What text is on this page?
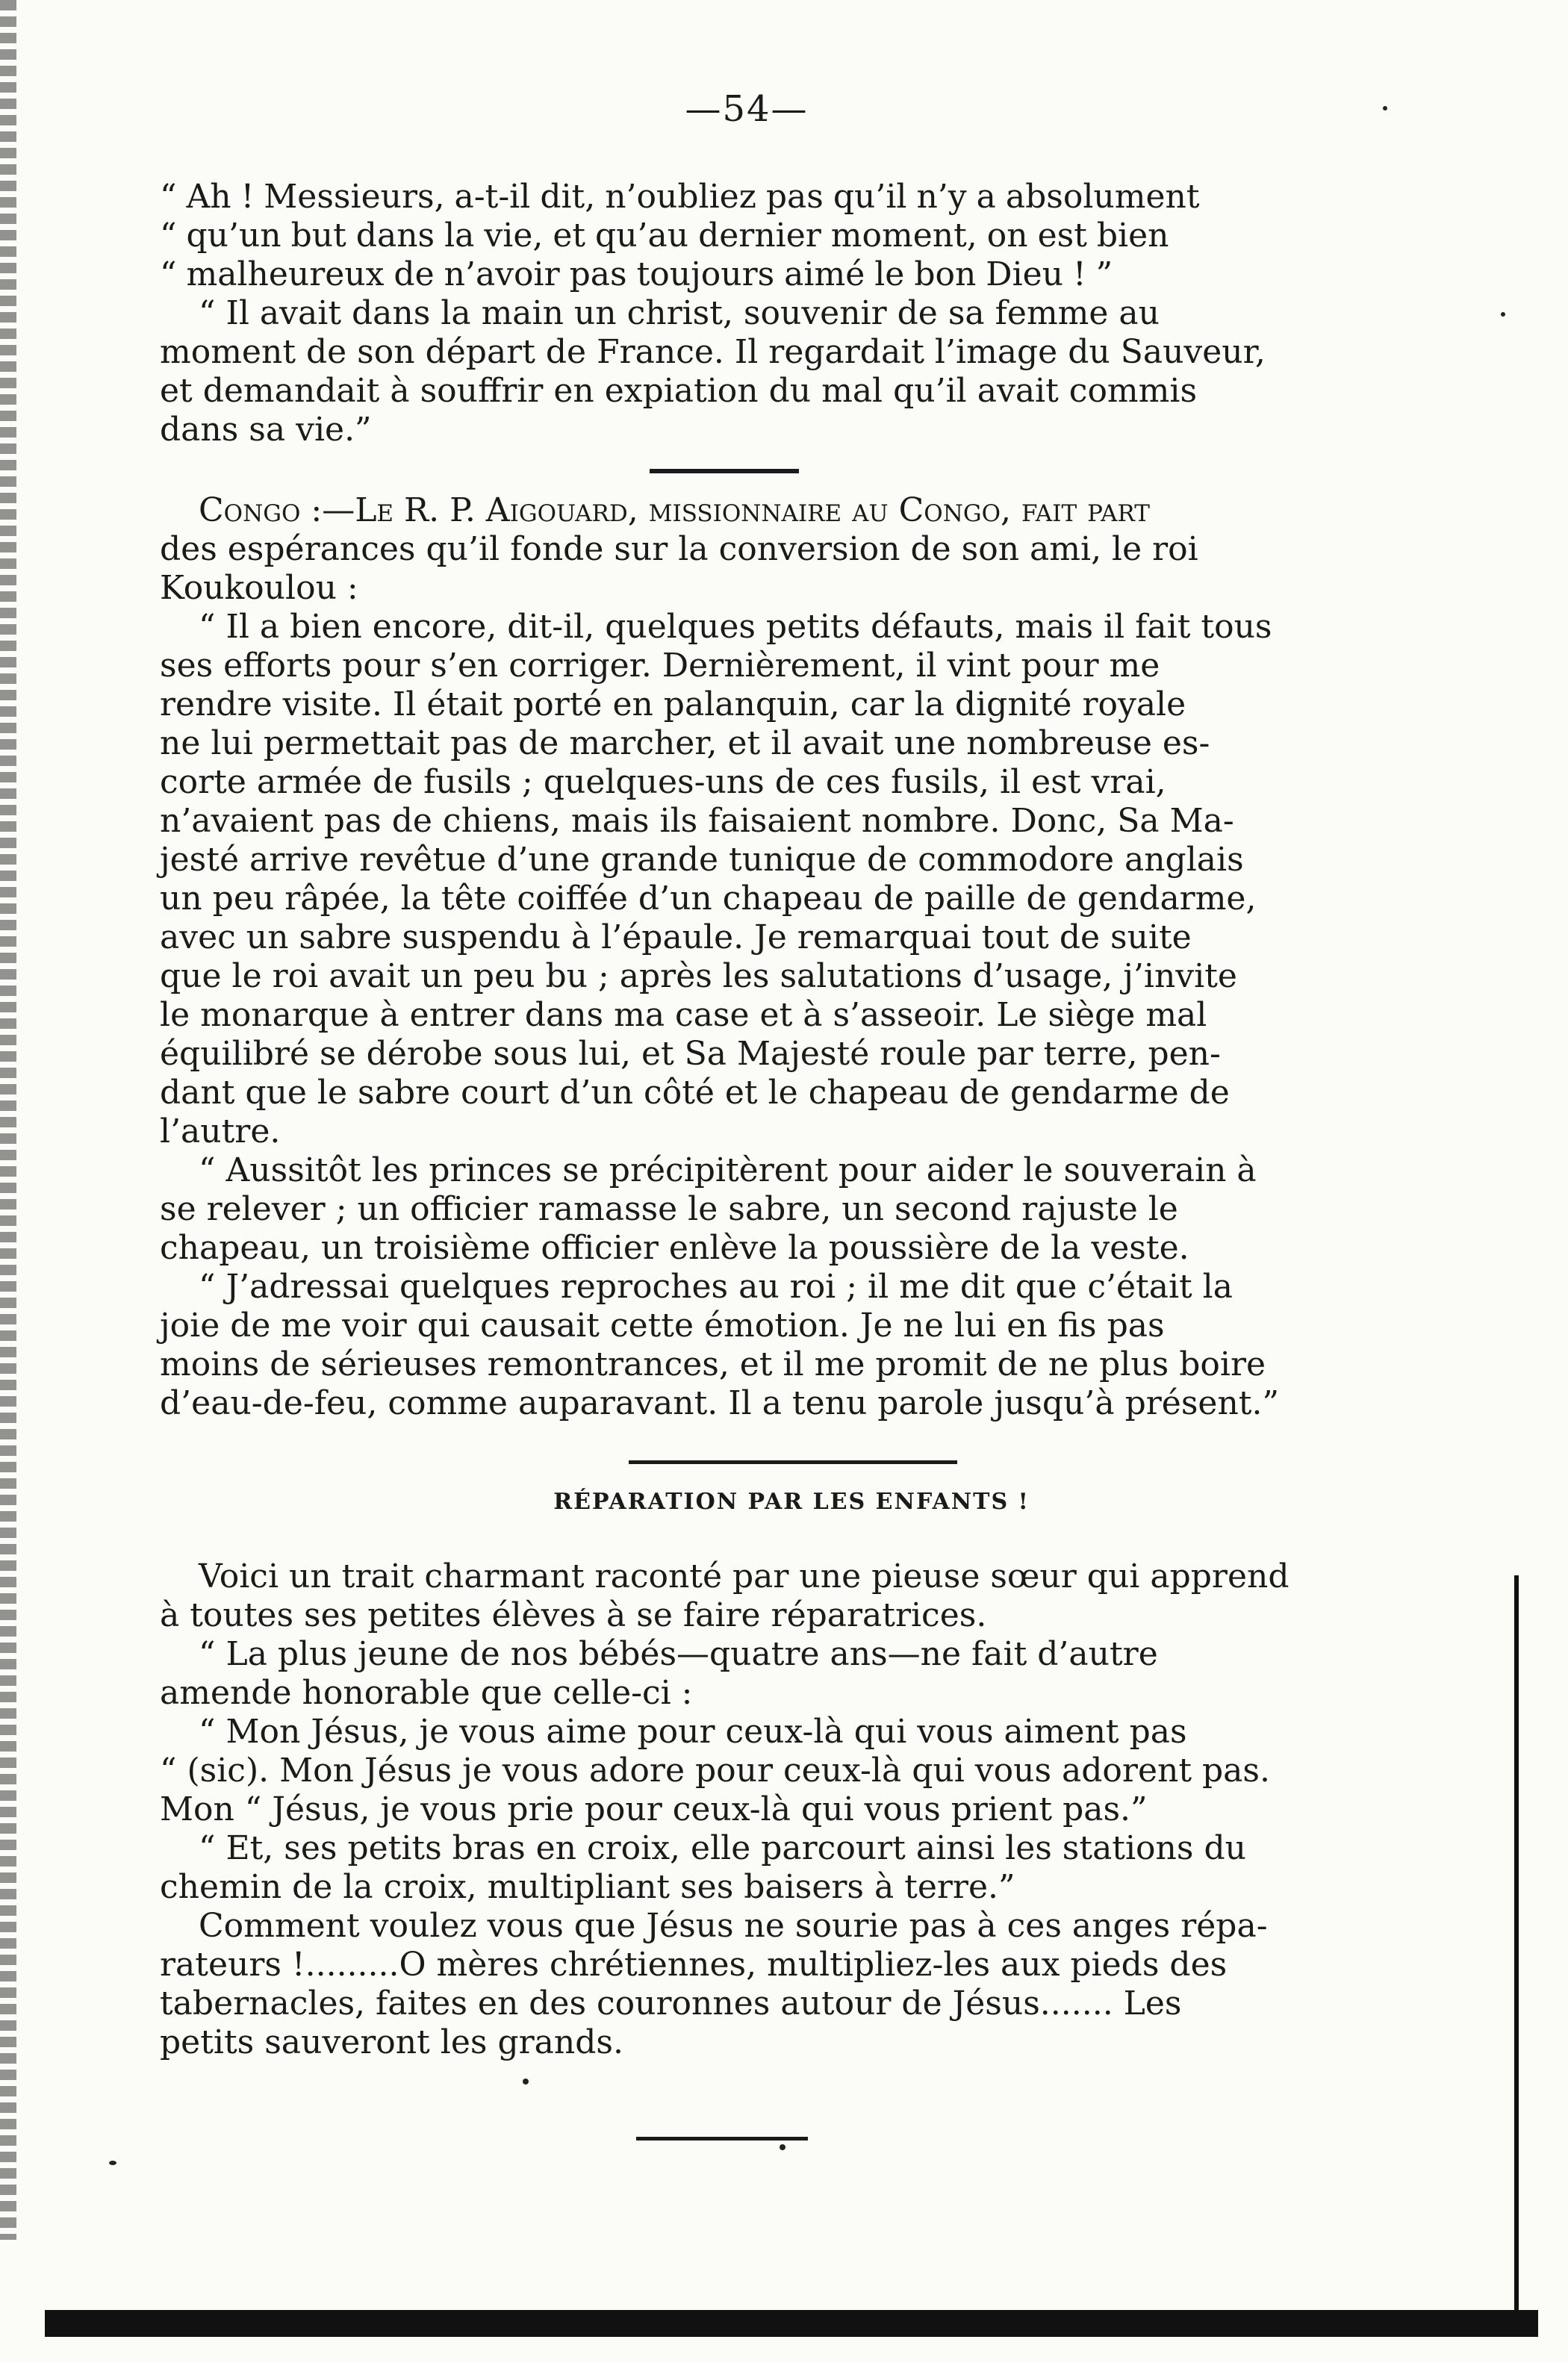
—54—

“ Ah ! Messieurs, a-t-il dit, n’oubliez pas qu’il n’y a absolument
“ qu’un but dans la vie, et qu’au dernier moment, on est bien
“ malheureux de n’avoir pas toujours aimé le bon Dieu ! ”

“ Il avait dans la main un christ, souvenir de sa femme au
moment de son départ de France. Il regardait l’image du Sauveur,
et demandait à souffrir en expiation du mal qu’il avait commis
dans sa vie.”

Congo :—Le R. P. Aigouard, missionnaire au Congo, fait part
des espérances qu’il fonde sur la conversion de son ami, le roi
Koukoulou :

“ Il a bien encore, dit-il, quelques petits défauts, mais il fait tous
ses efforts pour s’en corriger. Dernièrement, il vint pour me
rendre visite. Il était porté en palanquin, car la dignité royale
ne lui permettait pas de marcher, et il avait une nombreuse es-
corte armée de fusils ; quelques-uns de ces fusils, il est vrai,
n’avaient pas de chiens, mais ils faisaient nombre. Donc, Sa Ma-
jesté arrive revêtue d’une grande tunique de commodore anglais
un peu râpée, la tête coiffée d’un chapeau de paille de gendarme,
avec un sabre suspendu à l’épaule. Je remarquai tout de suite
que le roi avait un peu bu ; après les salutations d’usage, j’invite
le monarque à entrer dans ma case et à s’asseoir. Le siège mal
équilibré se dérobe sous lui, et Sa Majesté roule par terre, pen-
dant que le sabre court d’un côté et le chapeau de gendarme de
l’autre.

“ Aussitôt les princes se précipitèrent pour aider le souverain à
se relever ; un officier ramasse le sabre, un second rajuste le
chapeau, un troisième officier enlève la poussière de la veste.

“ J’adressai quelques reproches au roi ; il me dit que c’était la
joie de me voir qui causait cette émotion. Je ne lui en fis pas
moins de sérieuses remontrances, et il me promit de ne plus boire
d’eau-de-feu, comme auparavant. Il a tenu parole jusqu’à présent.”

RÉPARATION PAR LES ENFANTS !

Voici un trait charmant raconté par une pieuse sœur qui apprend
à toutes ses petites élèves à se faire réparatrices.

“ La plus jeune de nos bébés—quatre ans—ne fait d’autre
amende honorable que celle-ci :

“ Mon Jésus, je vous aime pour ceux-là qui vous aiment pas
“ (sic). Mon Jésus je vous adore pour ceux-là qui vous adorent pas.
Mon “ Jésus, je vous prie pour ceux-là qui vous prient pas.”

“ Et, ses petits bras en croix, elle parcourt ainsi les stations du
chemin de la croix, multipliant ses baisers à terre.”

Comment voulez vous que Jésus ne sourie pas à ces anges répa-
rateurs !.........O mères chrétiennes, multipliez-les aux pieds des
tabernacles, faites en des couronnes autour de Jésus....... Les
petits sauveront les grands.
